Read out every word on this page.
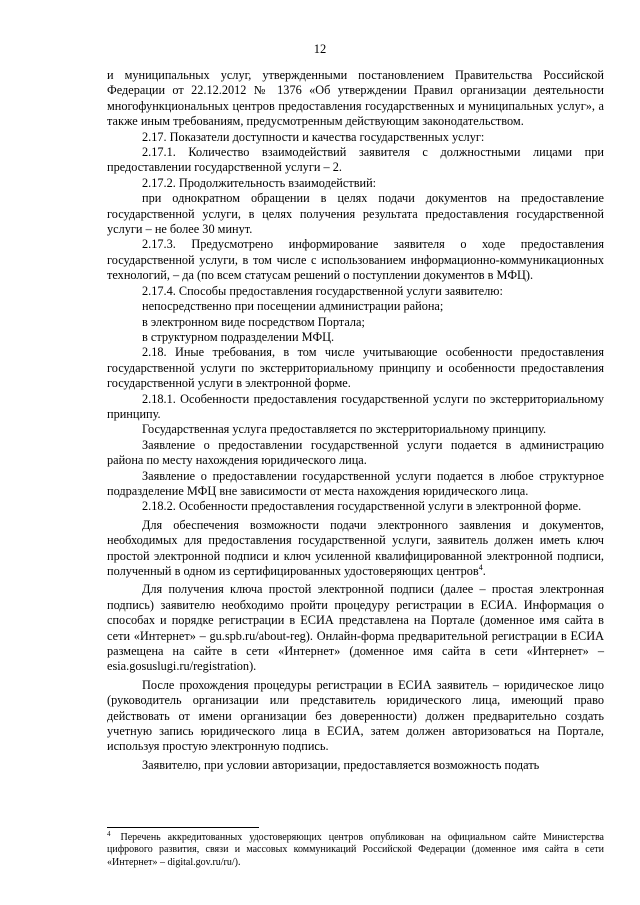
12

и муниципальных услуг, утвержденными постановлением Правительства Российской Федерации от 22.12.2012 № 1376 «Об утверждении Правил организации деятельности многофункциональных центров предоставления государственных и муниципальных услуг», а также иным требованиям, предусмотренным действующим законодательством.

2.17. Показатели доступности и качества государственных услуг:

2.17.1. Количество взаимодействий заявителя с должностными лицами при предоставлении государственной услуги – 2.

2.17.2. Продолжительность взаимодействий:

при однократном обращении в целях подачи документов на предоставление государственной услуги, в целях получения результата предоставления государственной услуги – не более 30 минут.

2.17.3. Предусмотрено информирование заявителя о ходе предоставления государственной услуги, в том числе с использованием информационно-коммуникационных технологий, – да (по всем статусам решений о поступлении документов в МФЦ).

2.17.4. Способы предоставления государственной услуги заявителю:

непосредственно при посещении администрации района;

в электронном виде посредством Портала;

в структурном подразделении МФЦ.

2.18. Иные требования, в том числе учитывающие особенности предоставления государственной услуги по экстерриториальному принципу и особенности предоставления государственной услуги в электронной форме.

2.18.1. Особенности предоставления государственной услуги по экстерриториальному принципу.

Государственная услуга предоставляется по экстерриториальному принципу.

Заявление о предоставлении государственной услуги подается в администрацию района по месту нахождения юридического лица.

Заявление о предоставлении государственной услуги подается в любое структурное подразделение МФЦ вне зависимости от места нахождения юридического лица.

2.18.2. Особенности предоставления государственной услуги в электронной форме.

Для обеспечения возможности подачи электронного заявления и документов, необходимых для предоставления государственной услуги, заявитель должен иметь ключ простой электронной подписи и ключ усиленной квалифицированной электронной подписи, полученный в одном из сертифицированных удостоверяющих центров$^4$.

Для получения ключа простой электронной подписи (далее – простая электронная подпись) заявителю необходимо пройти процедуру регистрации в ЕСИА. Информация о способах и порядке регистрации в ЕСИА представлена на Портале (доменное имя сайта в сети «Интернет» – gu.spb.ru/about-reg). Онлайн-форма предварительной регистрации в ЕСИА размещена на сайте в сети «Интернет» (доменное имя сайта в сети «Интернет» – esia.gosuslugi.ru/registration).

После прохождения процедуры регистрации в ЕСИА заявитель – юридическое лицо (руководитель организации или представитель юридического лица, имеющий право действовать от имени организации без доверенности) должен предварительно создать учетную запись юридического лица в ЕСИА, затем должен авторизоваться на Портале, используя простую электронную подпись.

Заявителю, при условии авторизации, предоставляется возможность подать

$^4$ Перечень аккредитованных удостоверяющих центров опубликован на официальном сайте Министерства цифрового развития, связи и массовых коммуникаций Российской Федерации (доменное имя сайта в сети «Интернет» – digital.gov.ru/ru/).
